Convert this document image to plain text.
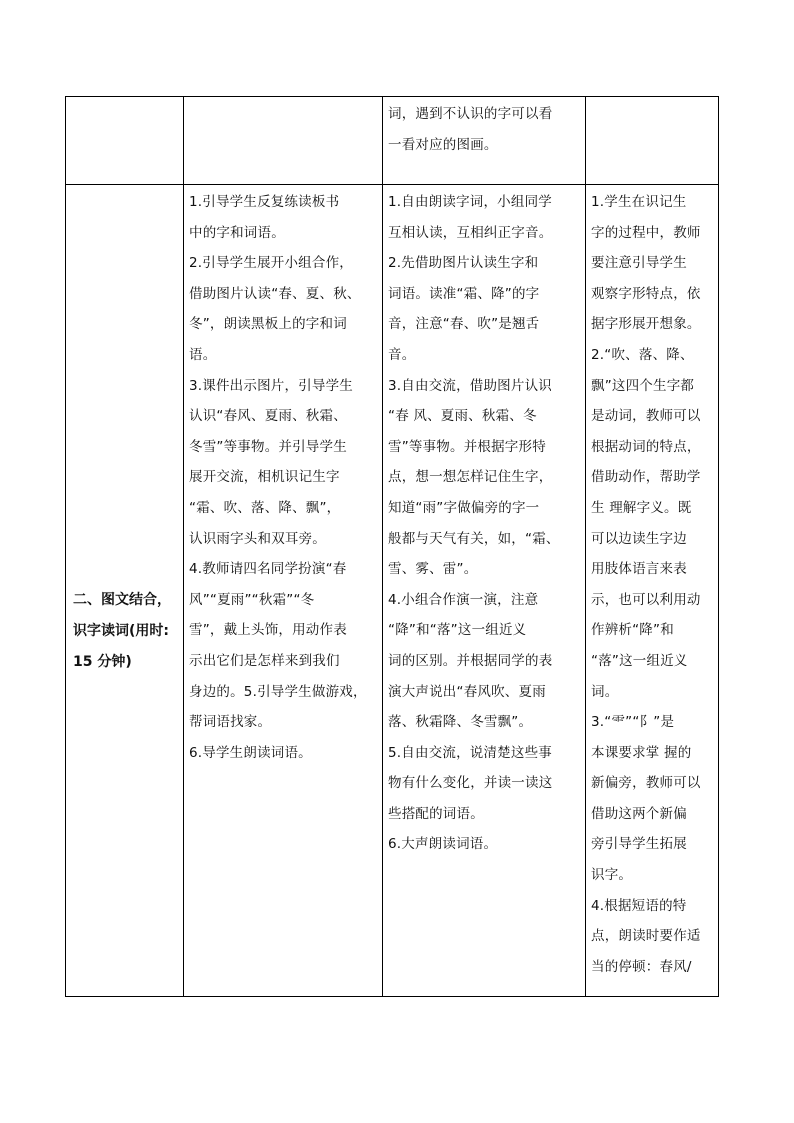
词，遇到不认识的字可以看

一看对应的图画。

二、图文结合，
识字读词(用时:
15 分钟)

1.引导学生反复练读板书

中的字和词语。

2.引导学生展开小组合作，

借助图片认读“春、夏、秋、

冬”，朗读黑板上的字和词

语。

3.课件出示图片，引导学生

认识“春风、夏雨、秋霜、

冬雪”等事物。并引导学生

展开交流，相机识记生字

“霜、吹、落、降、飘”，

认识雨字头和双耳旁。

4.教师请四名同学扮演“春

风”“夏雨”“秋霜”“冬

雪”，戴上头饰，用动作表

示出它们是怎样来到我们

身边的。5.引导学生做游戏，

帮词语找家。

6.导学生朗读词语。

1.自由朗读字词，小组同学

互相认读，互相纠正字音。

2.先借助图片认读生字和

词语。读准“霜、降”的字

音，注意“春、吹”是翘舌

音。

3.自由交流，借助图片认识

“春 风、夏雨、秋霜、冬

雪”等事物。并根据字形特

点，想一想怎样记住生字，

知道“雨”字做偏旁的字一

般都与天气有关，如，“霜、

雪、雾、雷”。

4.小组合作演一演，注意

“降”和“落”这一组近义

词的区别。并根据同学的表

演大声说出“春风吹、夏雨

落、秋霜降、冬雪飘”。

5.自由交流，说清楚这些事

物有什么变化，并读一读这

些搭配的词语。

6.大声朗读词语。

1.学生在识记生

字的过程中，教师

要注意引导学生

观察字形特点，依

据字形展开想象。

2.“吹、落、降、

飘”这四个生字都

是动词，教师可以

根据动词的特点，

借助动作，帮助学

生 理解字义。既

可以边读生字边

用肢体语言来表

示，也可以利用动

作辨析“降”和

“落”这一组近义

词。

3.“⻗”“阝”是

本课要求掌 握的

新偏旁，教师可以

借助这两个新偏

旁引导学生拓展

识字。

4.根据短语的特

点，朗读时要作适

当的停顿：春风/
